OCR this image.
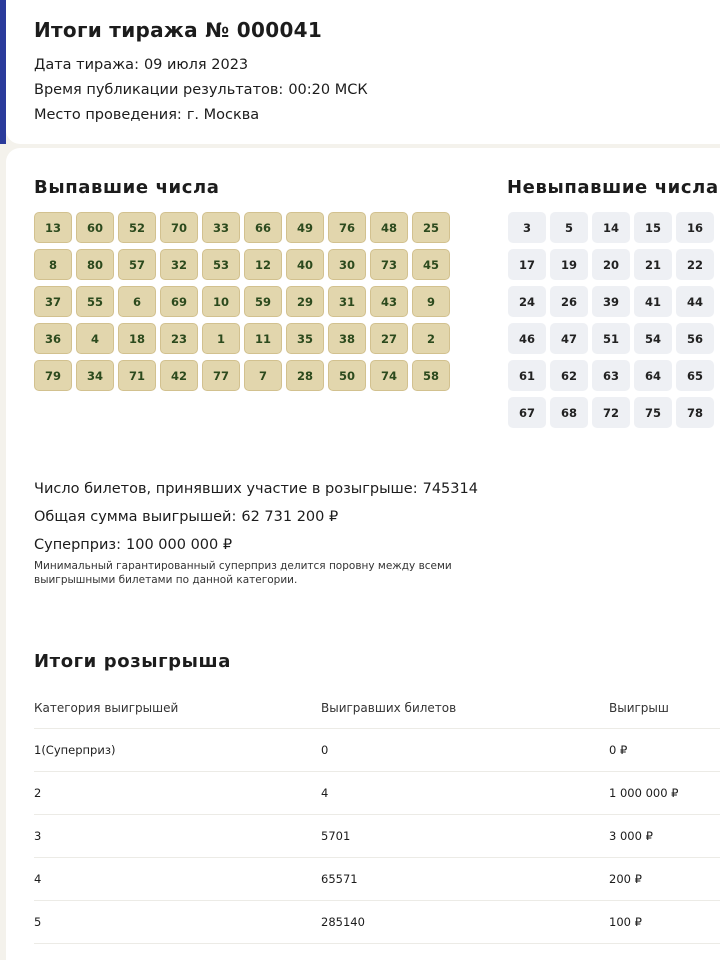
Итоги тиража № 000041
Дата тиража: 09 июля 2023
Время публикации результатов: 00:20 МСК
Место проведения: г. Москва
Выпавшие числа	Невыпавшие числа
13	60	52	70	33	66	49	76	48	25
8	80	57	32	53	12	40	30	73	45
37	55	6	69	10	59	29	31	43	9
36	4	18	23	1	11	35	38	27	2
79	34	71	42	77	7	28	50	74	58
3	5	14	15	16
17	19	20	21	22
24	26	39	41	44
46	47	51	54	56
61	62	63	64	65
67	68	72	75	78
Число билетов, принявших участие в розыгрыше: 745314
Общая сумма выигрышей: 62 731 200 ₽
Суперприз: 100 000 000 ₽

Минимальный гарантированный суперприз делится поровну между всеми выигрышными билетами по данной категории.

Итоги розыгрыша
Категория выигрышей	Выигравших билетов	Выигрыш
1(Суперприз)	0	0 ₽
2	4	1 000 000 ₽
3	5701	3 000 ₽
4	65571	200 ₽
5	285140	100 ₽
